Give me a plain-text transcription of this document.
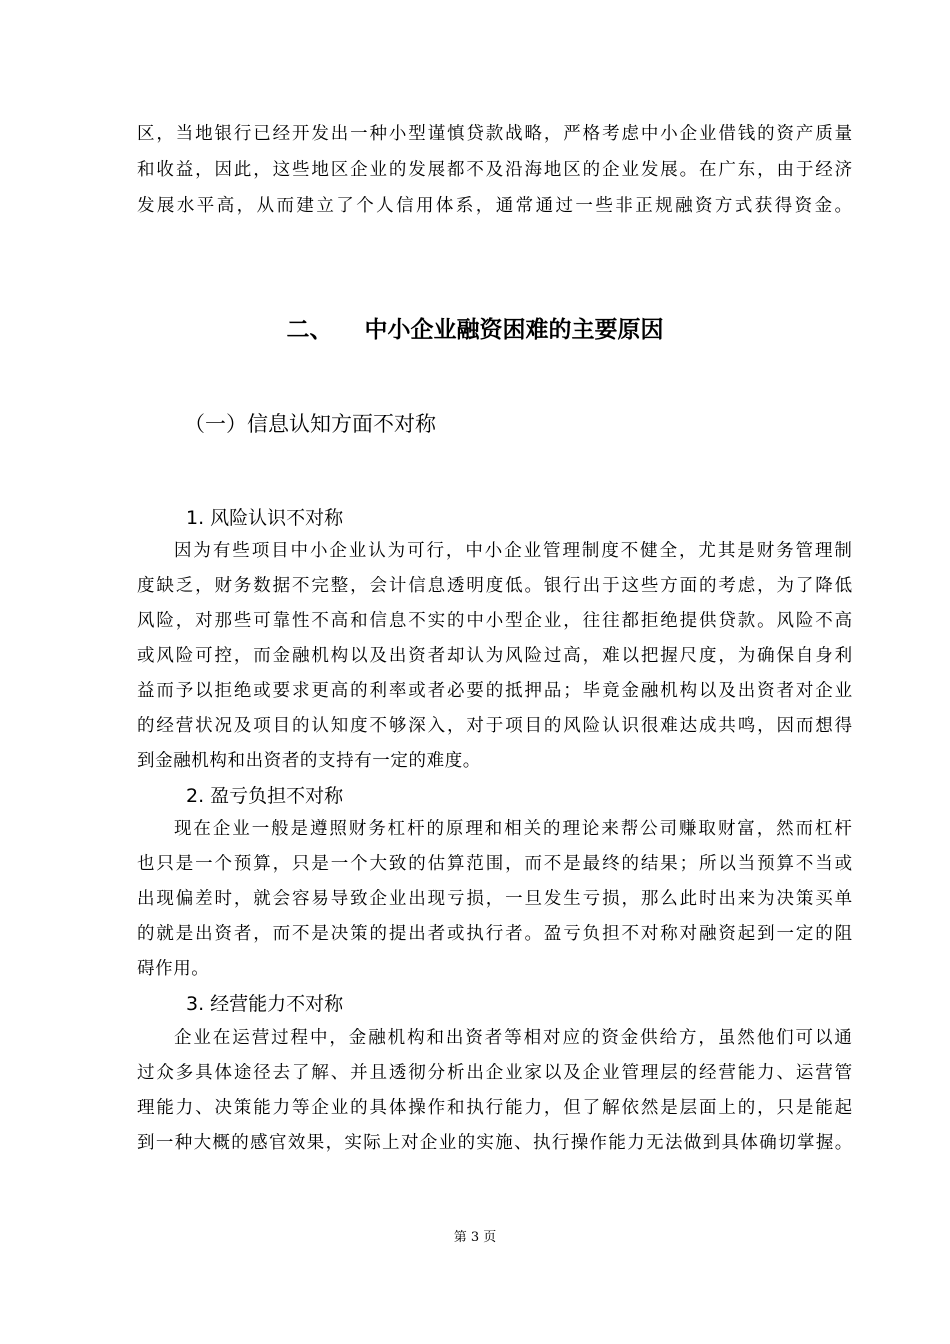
区，当地银行已经开发出一种小型谨慎贷款战略，严格考虑中小企业借钱的资产质量
和收益，因此，这些地区企业的发展都不及沿海地区的企业发展。在广东，由于经济
发展水平高，从而建立了个人信用体系，通常通过一些非正规融资方式获得资金。
二、 中小企业融资困难的主要原因
（一）信息认知方面不对称
1. 风险认识不对称
因为有些项目中小企业认为可行，中小企业管理制度不健全，尤其是财务管理制
度缺乏，财务数据不完整，会计信息透明度低。银行出于这些方面的考虑，为了降低
风险，对那些可靠性不高和信息不实的中小型企业，往往都拒绝提供贷款。风险不高
或风险可控，而金融机构以及出资者却认为风险过高，难以把握尺度，为确保自身利
益而予以拒绝或要求更高的利率或者必要的抵押品；毕竟金融机构以及出资者对企业
的经营状况及项目的认知度不够深入，对于项目的风险认识很难达成共鸣，因而想得
到金融机构和出资者的支持有一定的难度。
2. 盈亏负担不对称
现在企业一般是遵照财务杠杆的原理和相关的理论来帮公司赚取财富，然而杠杆
也只是一个预算，只是一个大致的估算范围，而不是最终的结果；所以当预算不当或
出现偏差时，就会容易导致企业出现亏损，一旦发生亏损，那么此时出来为决策买单
的就是出资者，而不是决策的提出者或执行者。盈亏负担不对称对融资起到一定的阻
碍作用。
3. 经营能力不对称
企业在运营过程中，金融机构和出资者等相对应的资金供给方，虽然他们可以通
过众多具体途径去了解、并且透彻分析出企业家以及企业管理层的经营能力、运营管
理能力、决策能力等企业的具体操作和执行能力，但了解依然是层面上的，只是能起
到一种大概的感官效果，实际上对企业的实施、执行操作能力无法做到具体确切掌握。
第 3 页
